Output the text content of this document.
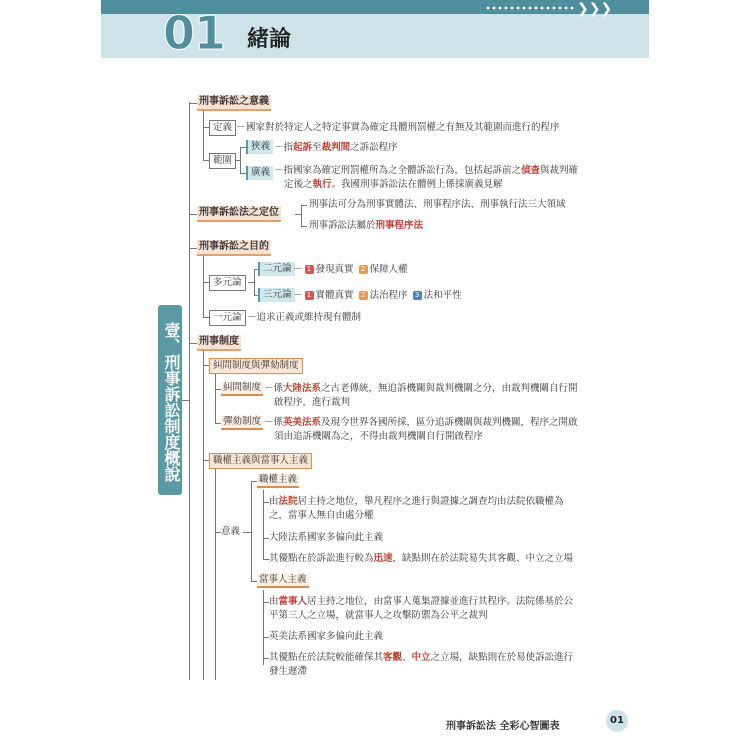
❯❯❯
01 緒論
壹、刑事訴訟制度概說
刑事訴訟之意義
定義 － 國家對於特定人之特定事實為確定具體刑罰權之有無及其範圍而進行的程序
範圍
狹義 －指起訴至裁判間之訴訟程序
廣義 －指國家為確定刑罰權所為之全體訴訟行為，包括起訴前之偵查與裁判確
定後之執行。我國刑事訴訟法在體例上係採廣義見解
刑事訴訟法之定位
刑事法可分為刑事實體法、刑事程序法、刑事執行法三大領域
刑事訴訟法屬於刑事程序法
刑事訴訟之目的
多元論
二元論 － 1 發現真實 2 保障人權
三元論 － 1 實體真實 2 法治程序 3 法和平性
一元論 －追求正義或維持現有體制
刑事制度
糾問制度與彈劾制度
糾問制度 －係大陸法系之古老傳統，無追訴機關與裁判機關之分，由裁判機關自行開
啟程序，進行裁判
彈劾制度 －係英美法系及現今世界各國所採，區分追訴機關與裁判機關，程序之開啟
須由追訴機關為之，不得由裁判機關自行開啟程序
職權主義與當事人主義
意義
職權主義
由法院居主持之地位，舉凡程序之進行與證據之調查均由法院依職權為
之，當事人無自由處分權
大陸法系國家多偏向此主義
其優點在於訴訟進行較為迅速，缺點則在於法院易失其客觀、中立之立場
當事人主義
由當事人居主持之地位，由當事人蒐集證據並進行其程序。法院係基於公
平第三人之立場，就當事人之攻擊防禦為公平之裁判
英美法系國家多偏向此主義
其優點在於法院較能確保其客觀、中立之立場，缺點則在於易使訴訟進行
發生遲滯
刑事訴訟法 全彩心智圖表
01
